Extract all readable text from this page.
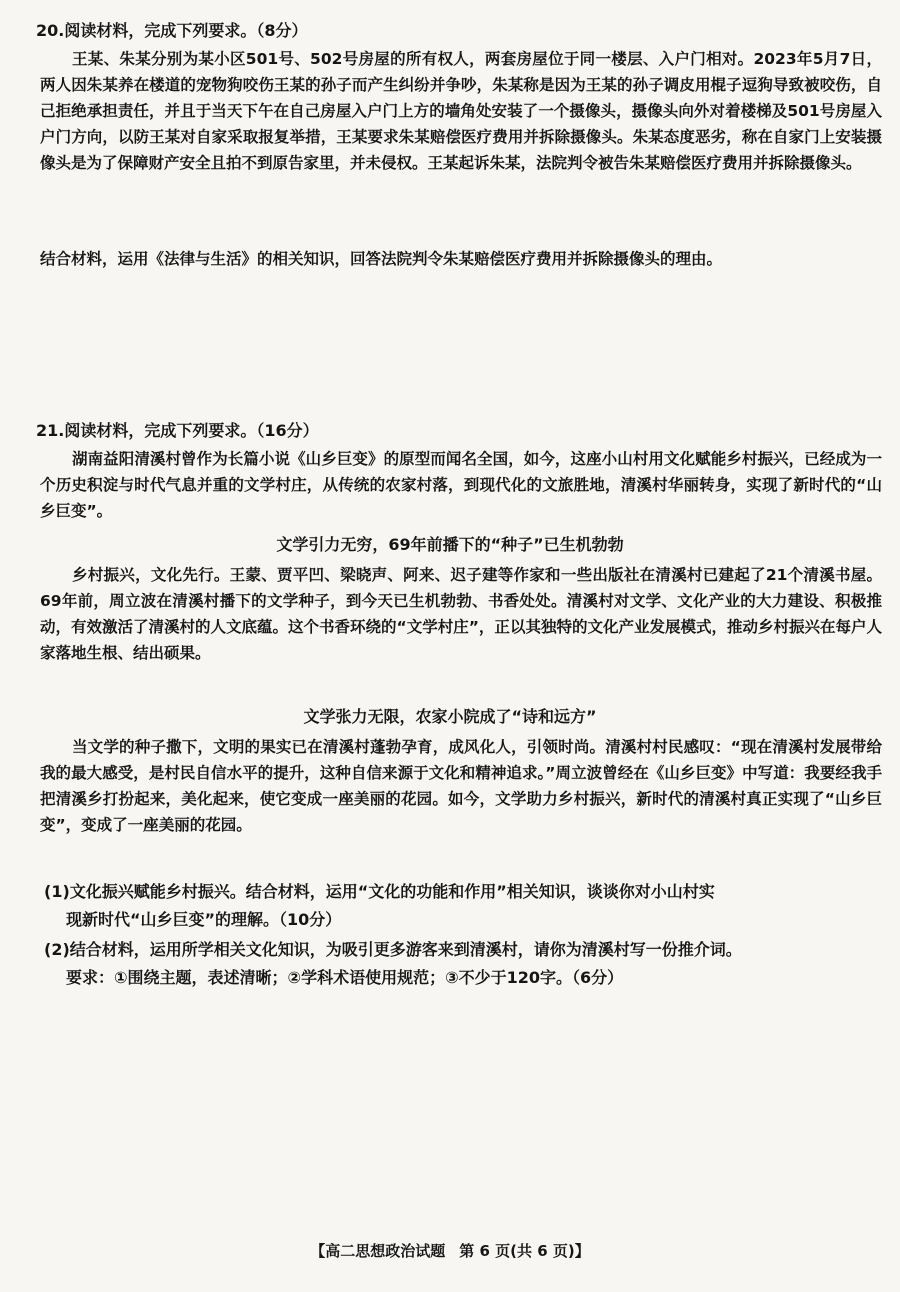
20.阅读材料，完成下列要求。（8分）
王某、朱某分别为某小区501号、502号房屋的所有权人，两套房屋位于同一楼层、入户门相对。2023年5月7日，两人因朱某养在楼道的宠物狗咬伤王某的孙子而产生纠纷并争吵，朱某称是因为王某的孙子调皮用棍子逗狗导致被咬伤，自己拒绝承担责任，并且于当天下午在自己房屋入户门上方的墙角处安装了一个摄像头，摄像头向外对着楼梯及501号房屋入户门方向，以防王某对自家采取报复举措，王某要求朱某赔偿医疗费用并拆除摄像头。朱某态度恶劣，称在自家门上安装摄像头是为了保障财产安全且拍不到原告家里，并未侵权。王某起诉朱某，法院判令被告朱某赔偿医疗费用并拆除摄像头。
结合材料，运用《法律与生活》的相关知识，回答法院判令朱某赔偿医疗费用并拆除摄像头的理由。
21.阅读材料，完成下列要求。（16分）
湖南益阳清溪村曾作为长篇小说《山乡巨变》的原型而闻名全国，如今，这座小山村用文化赋能乡村振兴，已经成为一个历史积淀与时代气息并重的文学村庄，从传统的农家村落，到现代化的文旅胜地，清溪村华丽转身，实现了新时代的“山乡巨变”。
文学引力无穷，69年前播下的“种子”已生机勃勃
乡村振兴，文化先行。王蒙、贾平凹、梁晓声、阿来、迟子建等作家和一些出版社在清溪村已建起了21个清溪书屋。69年前，周立波在清溪村播下的文学种子，到今天已生机勃勃、书香处处。清溪村对文学、文化产业的大力建设、积极推动，有效激活了清溪村的人文底蕴。这个书香环绕的“文学村庄”，正以其独特的文化产业发展模式，推动乡村振兴在每户人家落地生根、结出硕果。
文学张力无限，农家小院成了“诗和远方”
当文学的种子撒下，文明的果实已在清溪村蓬勃孕育，成风化人，引领时尚。清溪村村民感叹：“现在清溪村发展带给我的最大感受，是村民自信水平的提升，这种自信来源于文化和精神追求。”周立波曾经在《山乡巨变》中写道：我要经我手把清溪乡打扮起来，美化起来，使它变成一座美丽的花园。如今，文学助力乡村振兴，新时代的清溪村真正实现了“山乡巨变”，变成了一座美丽的花园。
(1)文化振兴赋能乡村振兴。结合材料，运用“文化的功能和作用”相关知识，谈谈你对小山村实
现新时代“山乡巨变”的理解。（10分）
(2)结合材料，运用所学相关文化知识，为吸引更多游客来到清溪村，请你为清溪村写一份推介词。
要求：①围绕主题，表述清晰；②学科术语使用规范；③不少于120字。（6分）
【高二思想政治试题 第 6 页(共 6 页)】
